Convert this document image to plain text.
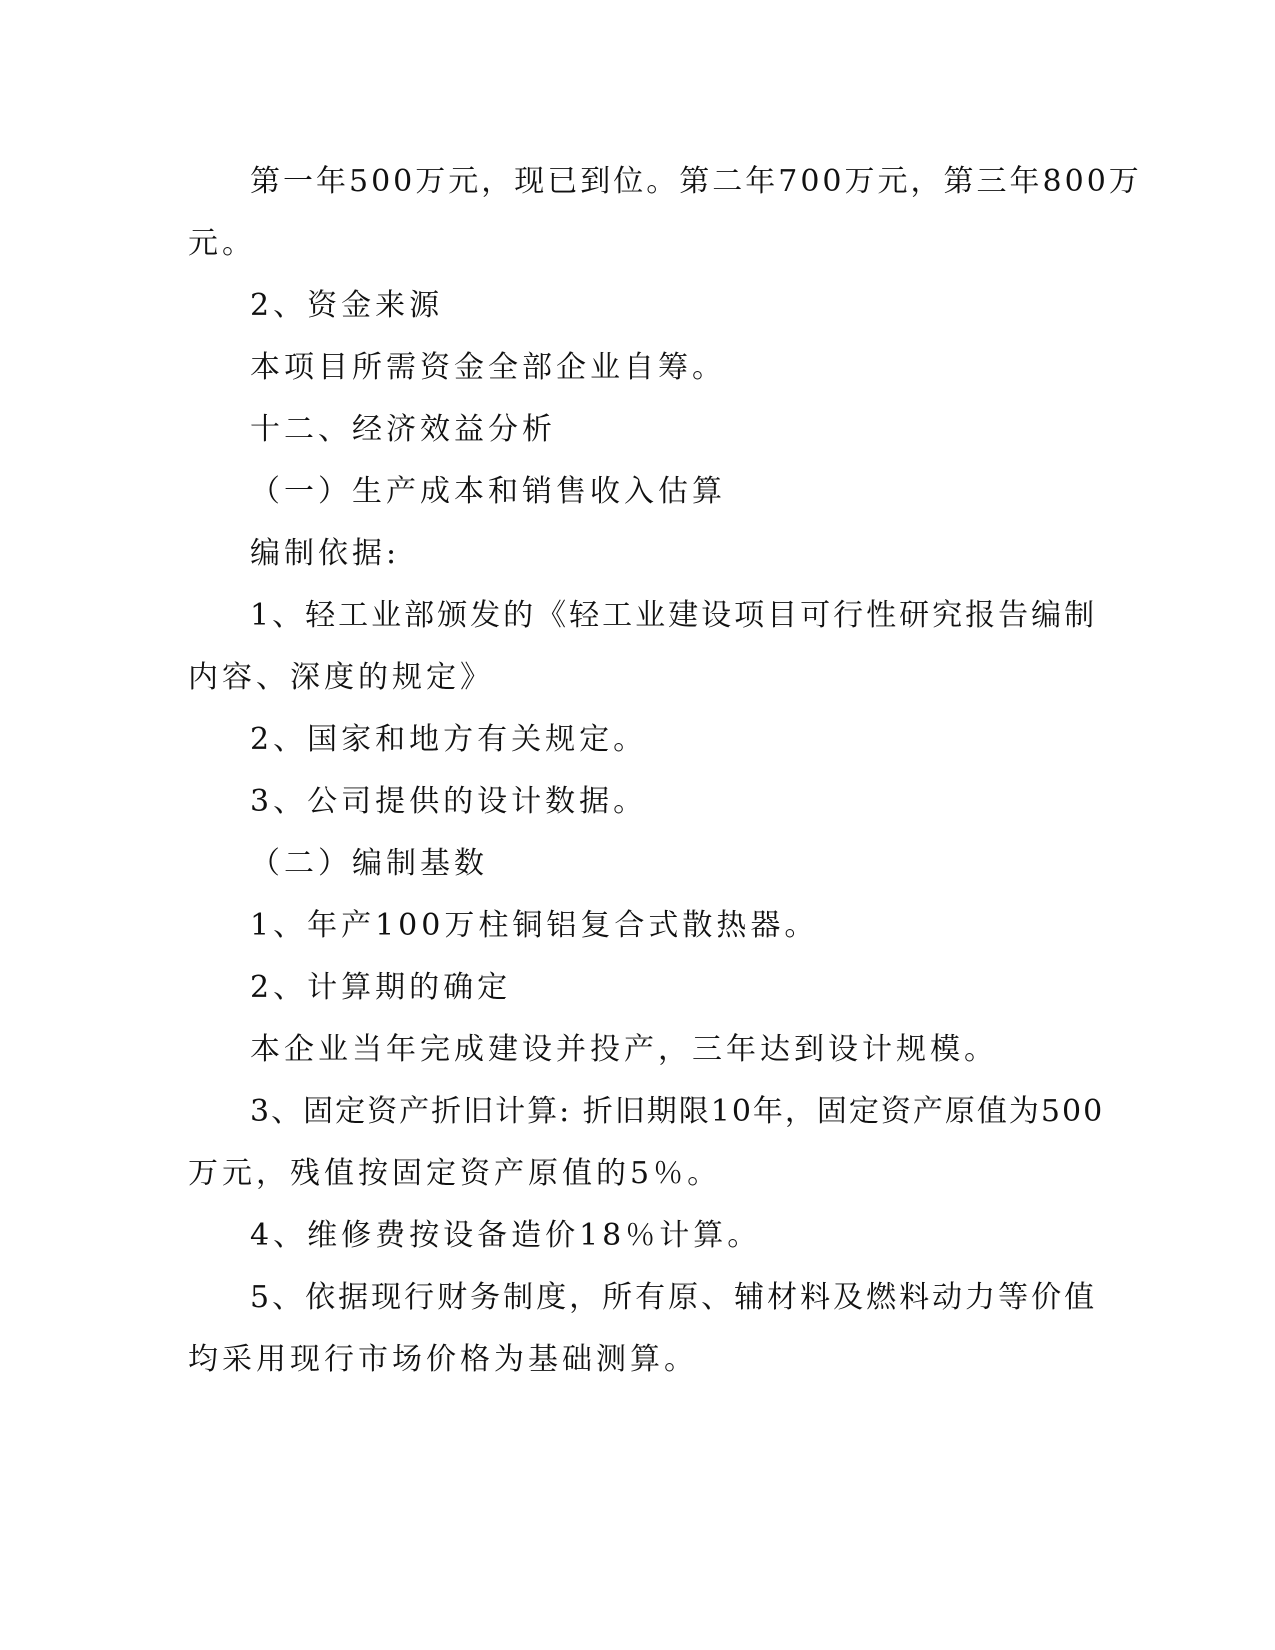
第一年500万元，现已到位。第二年700万元，第三年800万
元。
2、资金来源
本项目所需资金全部企业自筹。
十二、经济效益分析
（一）生产成本和销售收入估算
编制依据:
1、轻工业部颁发的《轻工业建设项目可行性研究报告编制
内容、深度的规定》
2、国家和地方有关规定。
3、公司提供的设计数据。
（二）编制基数
1、年产100万柱铜铝复合式散热器。
2、计算期的确定
本企业当年完成建设并投产，三年达到设计规模。
3、固定资产折旧计算: 折旧期限10年，固定资产原值为500
万元，残值按固定资产原值的5％。
4、维修费按设备造价18％计算。
5、依据现行财务制度，所有原、辅材料及燃料动力等价值
均采用现行市场价格为基础测算。
